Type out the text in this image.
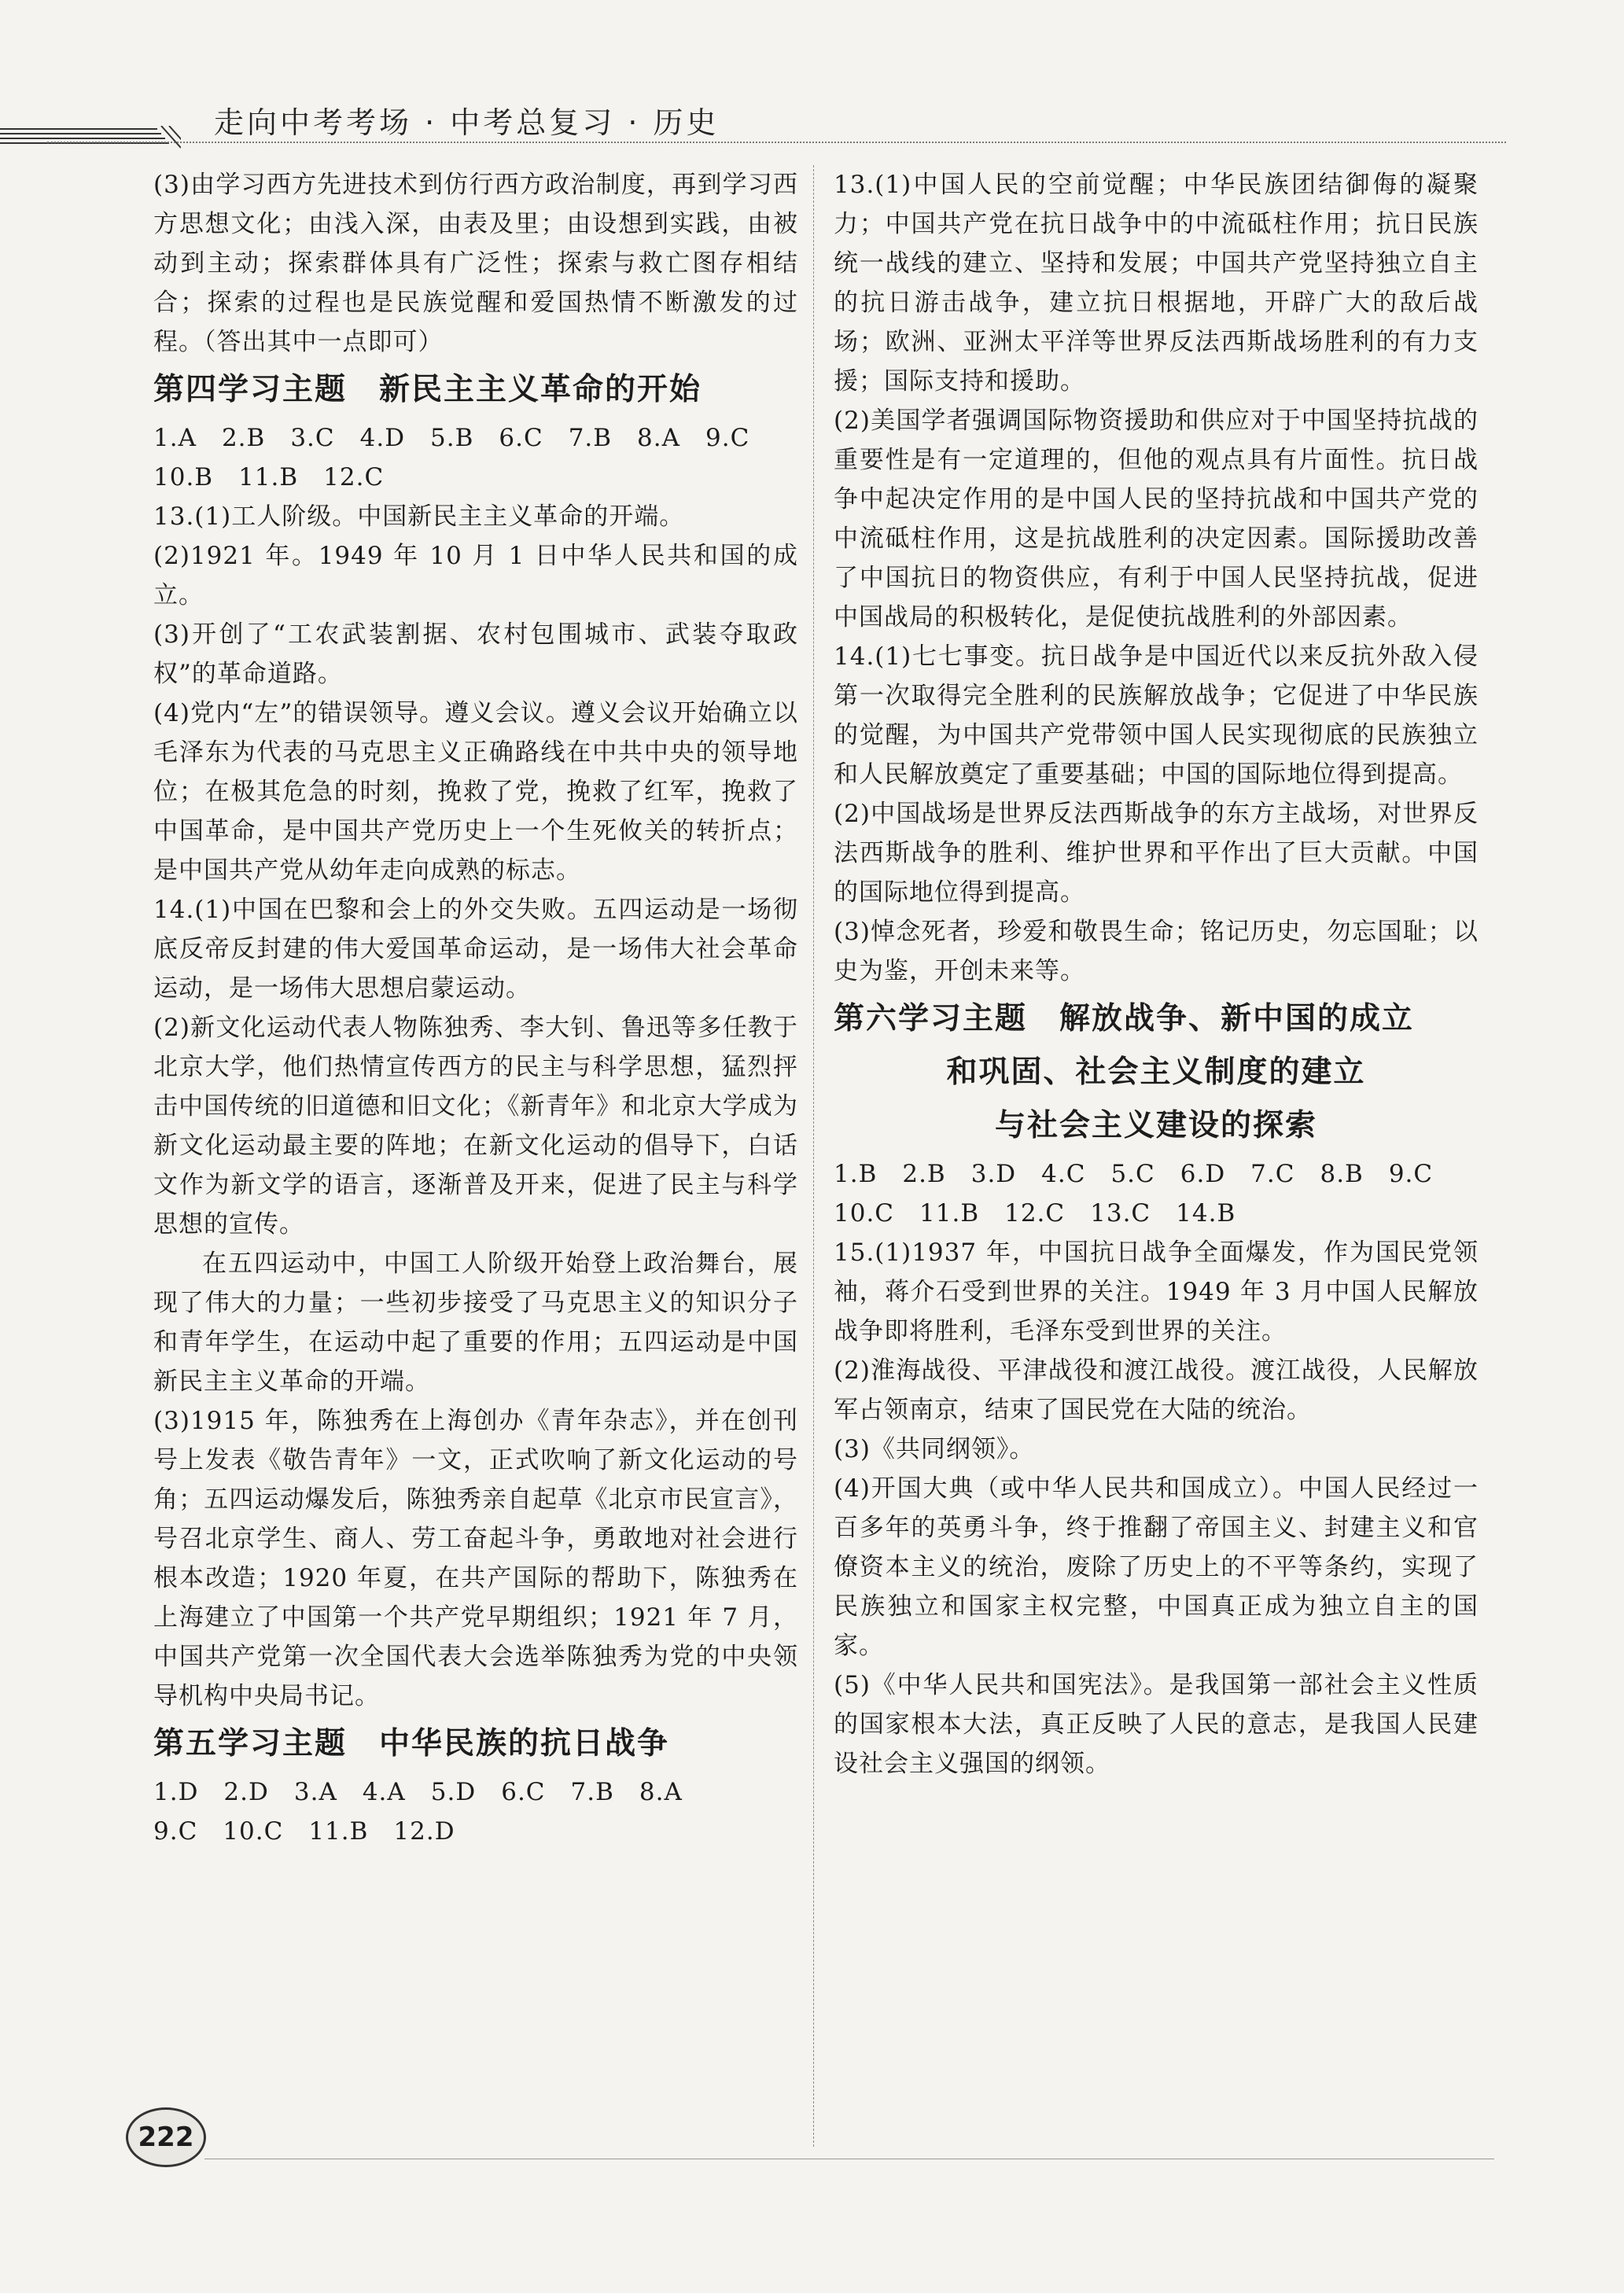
走向中考考场 · 中考总复习 · 历史

(3)由学习西方先进技术到仿行西方政治制度，再到学习西方思想文化；由浅入深，由表及里；由设想到实践，由被动到主动；探索群体具有广泛性；探索与救亡图存相结合；探索的过程也是民族觉醒和爱国热情不断激发的过程。（答出其中一点即可）

第四学习主题　新民主主义革命的开始

1.A　2.B　3.C　4.D　5.B　6.C　7.B　8.A　9.C

10.B　11.B　12.C

13.(1)工人阶级。中国新民主主义革命的开端。

(2)1921 年。1949 年 10 月 1 日中华人民共和国的成立。

(3)开创了“工农武装割据、农村包围城市、武装夺取政权”的革命道路。

(4)党内“左”的错误领导。遵义会议。遵义会议开始确立以毛泽东为代表的马克思主义正确路线在中共中央的领导地位；在极其危急的时刻，挽救了党，挽救了红军，挽救了中国革命，是中国共产党历史上一个生死攸关的转折点；是中国共产党从幼年走向成熟的标志。

14.(1)中国在巴黎和会上的外交失败。五四运动是一场彻底反帝反封建的伟大爱国革命运动，是一场伟大社会革命运动，是一场伟大思想启蒙运动。

(2)新文化运动代表人物陈独秀、李大钊、鲁迅等多任教于北京大学，他们热情宣传西方的民主与科学思想，猛烈抨击中国传统的旧道德和旧文化；《新青年》和北京大学成为新文化运动最主要的阵地；在新文化运动的倡导下，白话文作为新文学的语言，逐渐普及开来，促进了民主与科学思想的宣传。

在五四运动中，中国工人阶级开始登上政治舞台，展现了伟大的力量；一些初步接受了马克思主义的知识分子和青年学生，在运动中起了重要的作用；五四运动是中国新民主主义革命的开端。

(3)1915 年，陈独秀在上海创办《青年杂志》，并在创刊号上发表《敬告青年》一文，正式吹响了新文化运动的号角；五四运动爆发后，陈独秀亲自起草《北京市民宣言》，号召北京学生、商人、劳工奋起斗争，勇敢地对社会进行根本改造；1920 年夏，在共产国际的帮助下，陈独秀在上海建立了中国第一个共产党早期组织；1921 年 7 月，中国共产党第一次全国代表大会选举陈独秀为党的中央领导机构中央局书记。

第五学习主题　中华民族的抗日战争

1.D　2.D　3.A　4.A　5.D　6.C　7.B　8.A

9.C　10.C　11.B　12.D

13.(1)中国人民的空前觉醒；中华民族团结御侮的凝聚力；中国共产党在抗日战争中的中流砥柱作用；抗日民族统一战线的建立、坚持和发展；中国共产党坚持独立自主的抗日游击战争，建立抗日根据地，开辟广大的敌后战场；欧洲、亚洲太平洋等世界反法西斯战场胜利的有力支援；国际支持和援助。

(2)美国学者强调国际物资援助和供应对于中国坚持抗战的重要性是有一定道理的，但他的观点具有片面性。抗日战争中起决定作用的是中国人民的坚持抗战和中国共产党的中流砥柱作用，这是抗战胜利的决定因素。国际援助改善了中国抗日的物资供应，有利于中国人民坚持抗战，促进中国战局的积极转化，是促使抗战胜利的外部因素。

14.(1)七七事变。抗日战争是中国近代以来反抗外敌入侵第一次取得完全胜利的民族解放战争；它促进了中华民族的觉醒，为中国共产党带领中国人民实现彻底的民族独立和人民解放奠定了重要基础；中国的国际地位得到提高。

(2)中国战场是世界反法西斯战争的东方主战场，对世界反法西斯战争的胜利、维护世界和平作出了巨大贡献。中国的国际地位得到提高。

(3)悼念死者，珍爱和敬畏生命；铭记历史，勿忘国耻；以史为鉴，开创未来等。

第六学习主题　解放战争、新中国的成立
和巩固、社会主义制度的建立
与社会主义建设的探索

1.B　2.B　3.D　4.C　5.C　6.D　7.C　8.B　9.C

10.C　11.B　12.C　13.C　14.B

15.(1)1937 年，中国抗日战争全面爆发，作为国民党领袖，蒋介石受到世界的关注。1949 年 3 月中国人民解放战争即将胜利，毛泽东受到世界的关注。

(2)淮海战役、平津战役和渡江战役。渡江战役，人民解放军占领南京，结束了国民党在大陆的统治。

(3)《共同纲领》。

(4)开国大典（或中华人民共和国成立）。中国人民经过一百多年的英勇斗争，终于推翻了帝国主义、封建主义和官僚资本主义的统治，废除了历史上的不平等条约，实现了民族独立和国家主权完整，中国真正成为独立自主的国家。

(5)《中华人民共和国宪法》。是我国第一部社会主义性质的国家根本大法，真正反映了人民的意志，是我国人民建设社会主义强国的纲领。

222
